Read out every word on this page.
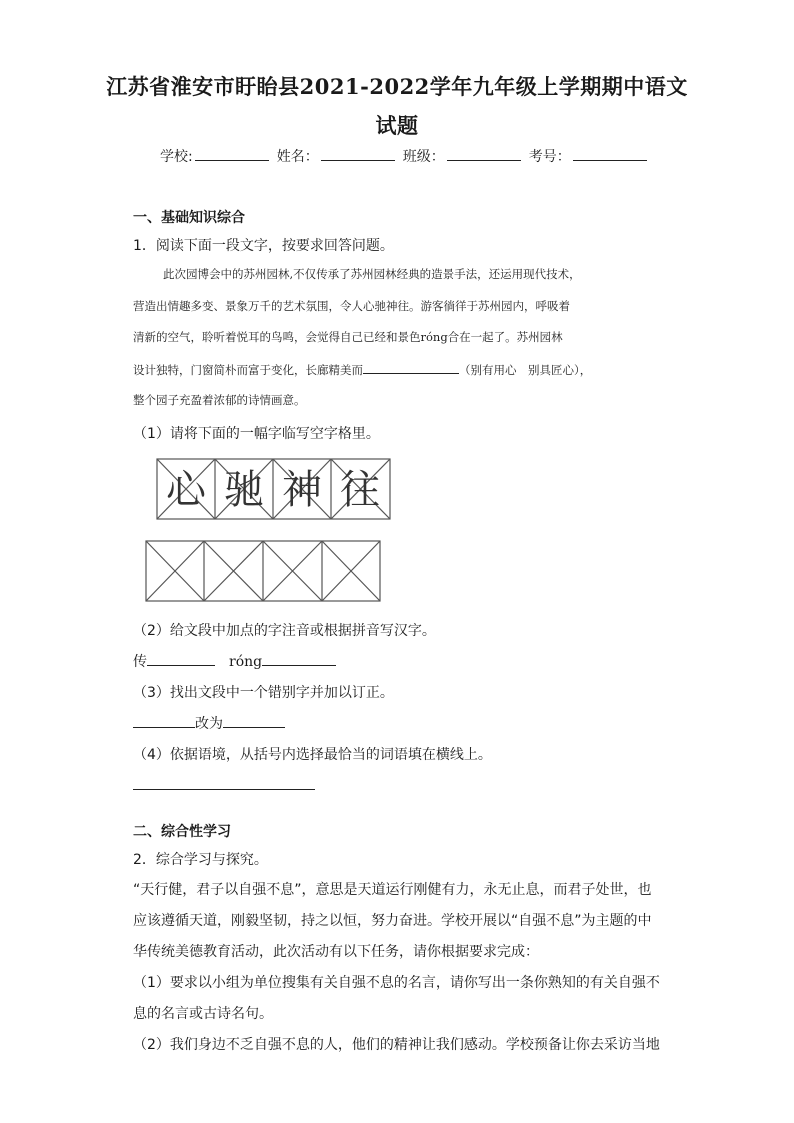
江苏省淮安市盱眙县2021-2022学年九年级上学期期中语文
试题
学校:	姓名：	班级：	考号：
一、基础知识综合
1．阅读下面一段文字，按要求回答问题。
此次园博会中的苏州园林,不仅传承了苏州园林经典的造景手法，还运用现代技术，
营造出情趣多变、景象万千的艺术氛围，令人心驰神往。游客徜徉于苏州园内，呼吸着
清新的空气，聆听着悦耳的鸟鸣，会觉得自己已经和景色róng合在一起了。苏州园林
设计独特，门窗简朴而富于变化，长廊精美而	（别有用心　别具匠心），
整个园子充盈着浓郁的诗情画意。
（1）请将下面的一幅字临写空字格里。
心 驰 神 往
（2）给文段中加点的字注音或根据拼音写汉字。
传	róng
（3）找出文段中一个错别字并加以订正。
改为
（4）依据语境，从括号内选择最恰当的词语填在横线上。
二、综合性学习
2．综合学习与探究。
“天行健，君子以自强不息”，意思是天道运行刚健有力，永无止息，而君子处世，也
应该遵循天道，刚毅坚韧，持之以恒，努力奋进。学校开展以“自强不息”为主题的中
华传统美德教育活动，此次活动有以下任务，请你根据要求完成：
（1）要求以小组为单位搜集有关自强不息的名言，请你写出一条你熟知的有关自强不
息的名言或古诗名句。
（2）我们身边不乏自强不息的人，他们的精神让我们感动。学校预备让你去采访当地
